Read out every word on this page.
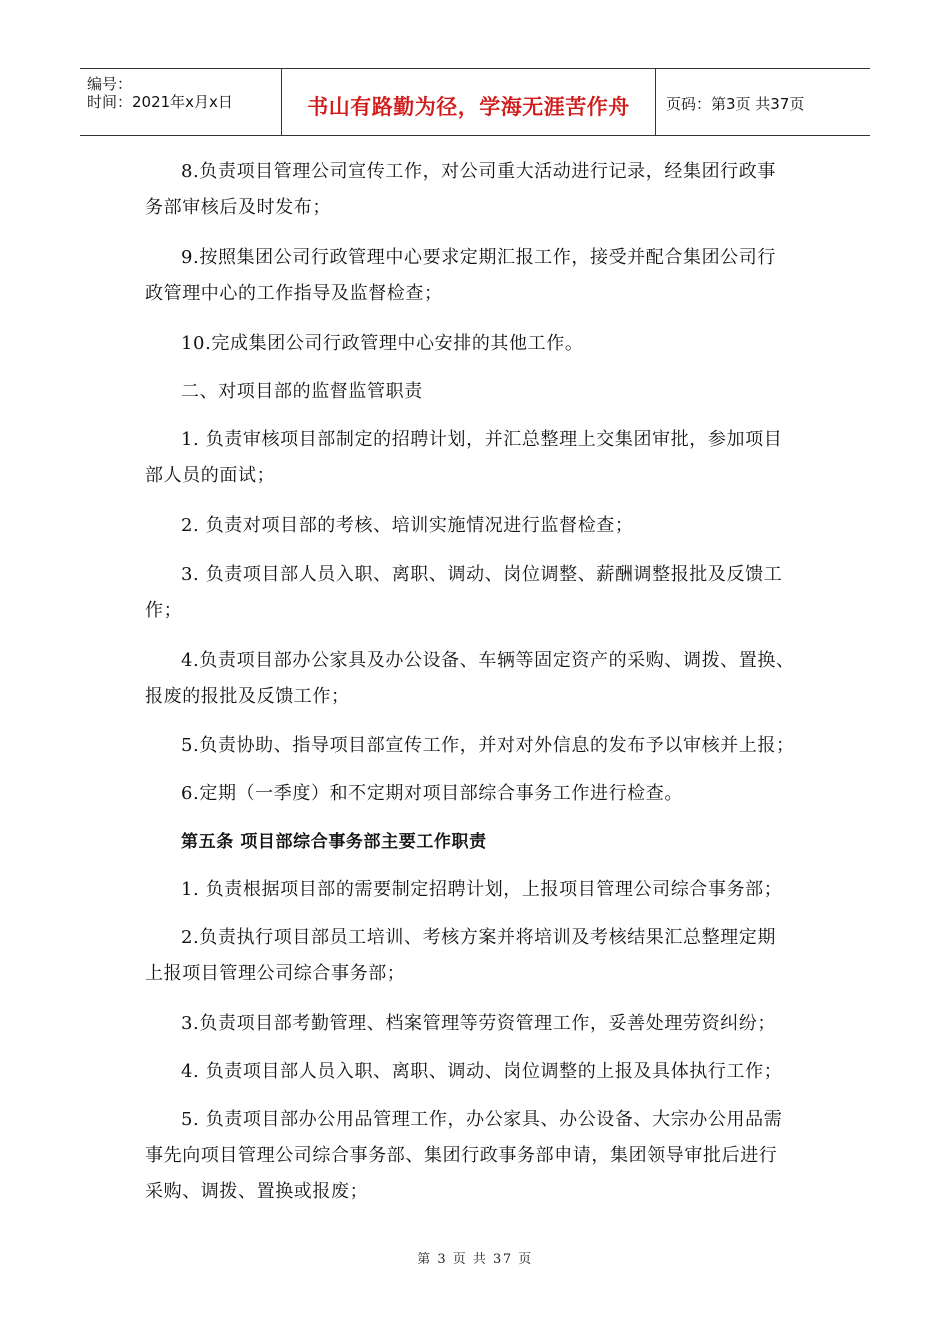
编号：
时间：2021年x月x日	书山有路勤为径，学海无涯苦作舟	页码：第3页 共37页
8.负责项目管理公司宣传工作，对公司重大活动进行记录，经集团行政事
务部审核后及时发布；
9.按照集团公司行政管理中心要求定期汇报工作，接受并配合集团公司行
政管理中心的工作指导及监督检查；
10.完成集团公司行政管理中心安排的其他工作。
二、对项目部的监督监管职责
1. 负责审核项目部制定的招聘计划，并汇总整理上交集团审批，参加项目
部人员的面试；
2. 负责对项目部的考核、培训实施情况进行监督检查；
3. 负责项目部人员入职、离职、调动、岗位调整、薪酬调整报批及反馈工
作；
4.负责项目部办公家具及办公设备、车辆等固定资产的采购、调拨、置换、
报废的报批及反馈工作；
5.负责协助、指导项目部宣传工作，并对对外信息的发布予以审核并上报；
6.定期（一季度）和不定期对项目部综合事务工作进行检查。
第五条 项目部综合事务部主要工作职责
1. 负责根据项目部的需要制定招聘计划，上报项目管理公司综合事务部；
2.负责执行项目部员工培训、考核方案并将培训及考核结果汇总整理定期
上报项目管理公司综合事务部；
3.负责项目部考勤管理、档案管理等劳资管理工作，妥善处理劳资纠纷；
4. 负责项目部人员入职、离职、调动、岗位调整的上报及具体执行工作；
5. 负责项目部办公用品管理工作，办公家具、办公设备、大宗办公用品需
事先向项目管理公司综合事务部、集团行政事务部申请，集团领导审批后进行
采购、调拨、置换或报废；
第 3 页 共 37 页
